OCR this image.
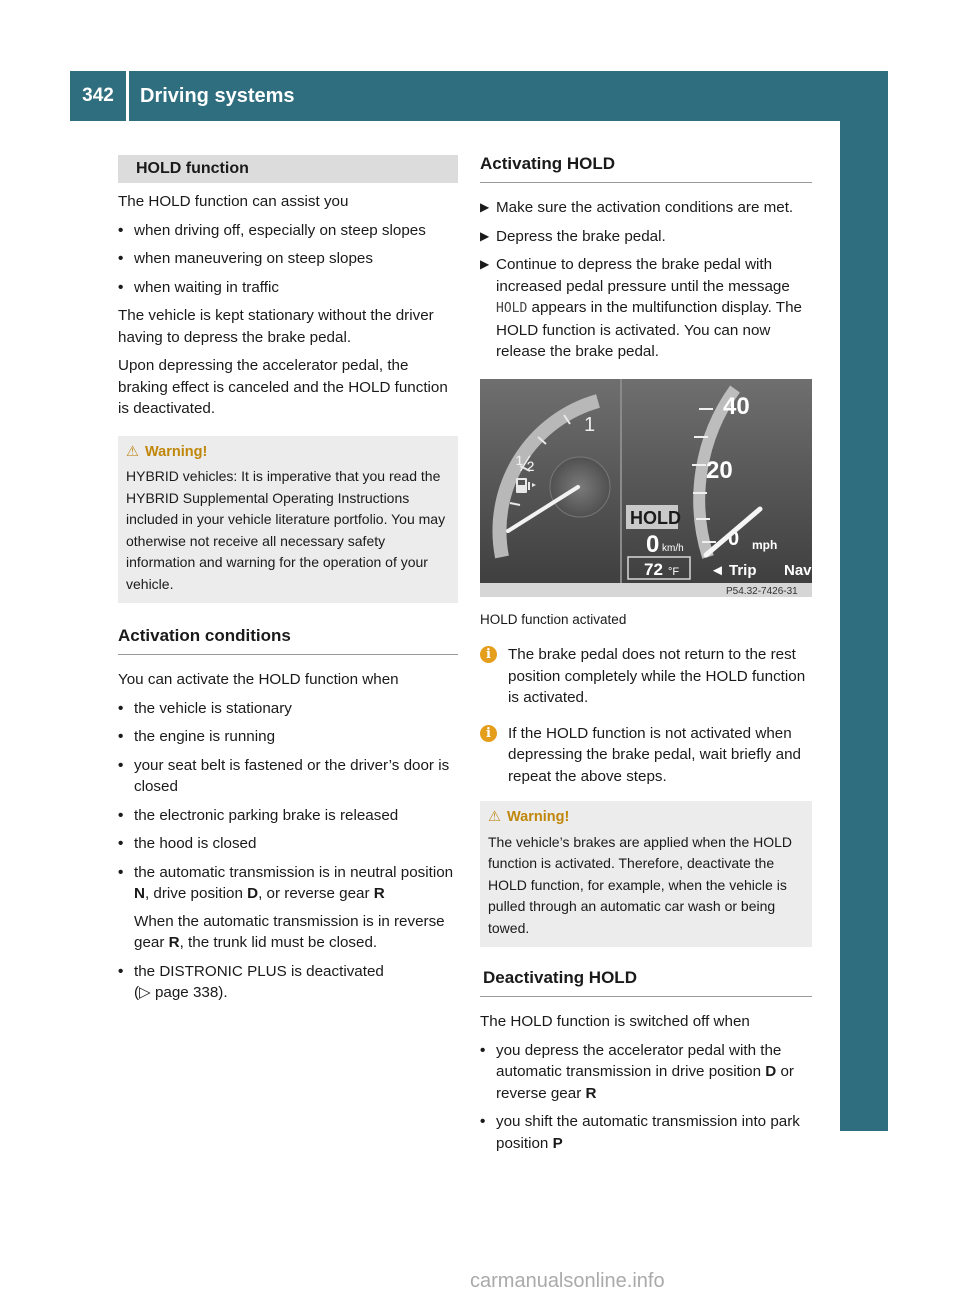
342	Driving systems
Controls in detail
HOLD function

The HOLD function can assist you

• when driving off, especially on steep slopes
• when maneuvering on steep slopes
• when waiting in traffic

The vehicle is kept stationary without the driver having to depress the brake pedal.

Upon depressing the accelerator pedal, the braking effect is canceled and the HOLD function is deactivated.

⚠ Warning!
HYBRID vehicles: It is imperative that you read the HYBRID Supplemental Operating Instructions included in your vehicle literature portfolio. You may otherwise not receive all necessary safety information and warning for the operation of your vehicle.
Activation conditions

You can activate the HOLD function when

• the vehicle is stationary
• the engine is running
• your seat belt is fastened or the driver’s door is closed
• the electronic parking brake is released
• the hood is closed
• the automatic transmission is in neutral position N, drive position D, or reverse gear R
When the automatic transmission is in reverse gear R, the trunk lid must be closed.
• the DISTRONIC PLUS is deactivated
(▷ page 338).
Activating HOLD
▶ Make sure the activation conditions are met.
▶ Depress the brake pedal.
▶ Continue to depress the brake pedal with increased pedal pressure until the message HOLD appears in the multifunction display. The HOLD function is activated. You can now release the brake pedal.
1
½
40
20
0 mph
HOLD
0 km/h
72 °F ◄ Trip Nav
P54.32-7426-31
HOLD function activated
i	The brake pedal does not return to the rest position completely while the HOLD function is activated.
i	If the HOLD function is not activated when depressing the brake pedal, wait briefly and repeat the above steps.
⚠ Warning!
The vehicle’s brakes are applied when the HOLD function is activated. Therefore, deactivate the HOLD function, for example, when the vehicle is pulled through an automatic car wash or being towed.
Deactivating HOLD

The HOLD function is switched off when

• you depress the accelerator pedal with the automatic transmission in drive position D or reverse gear R
• you shift the automatic transmission into park position P
carmanualsonline.info
